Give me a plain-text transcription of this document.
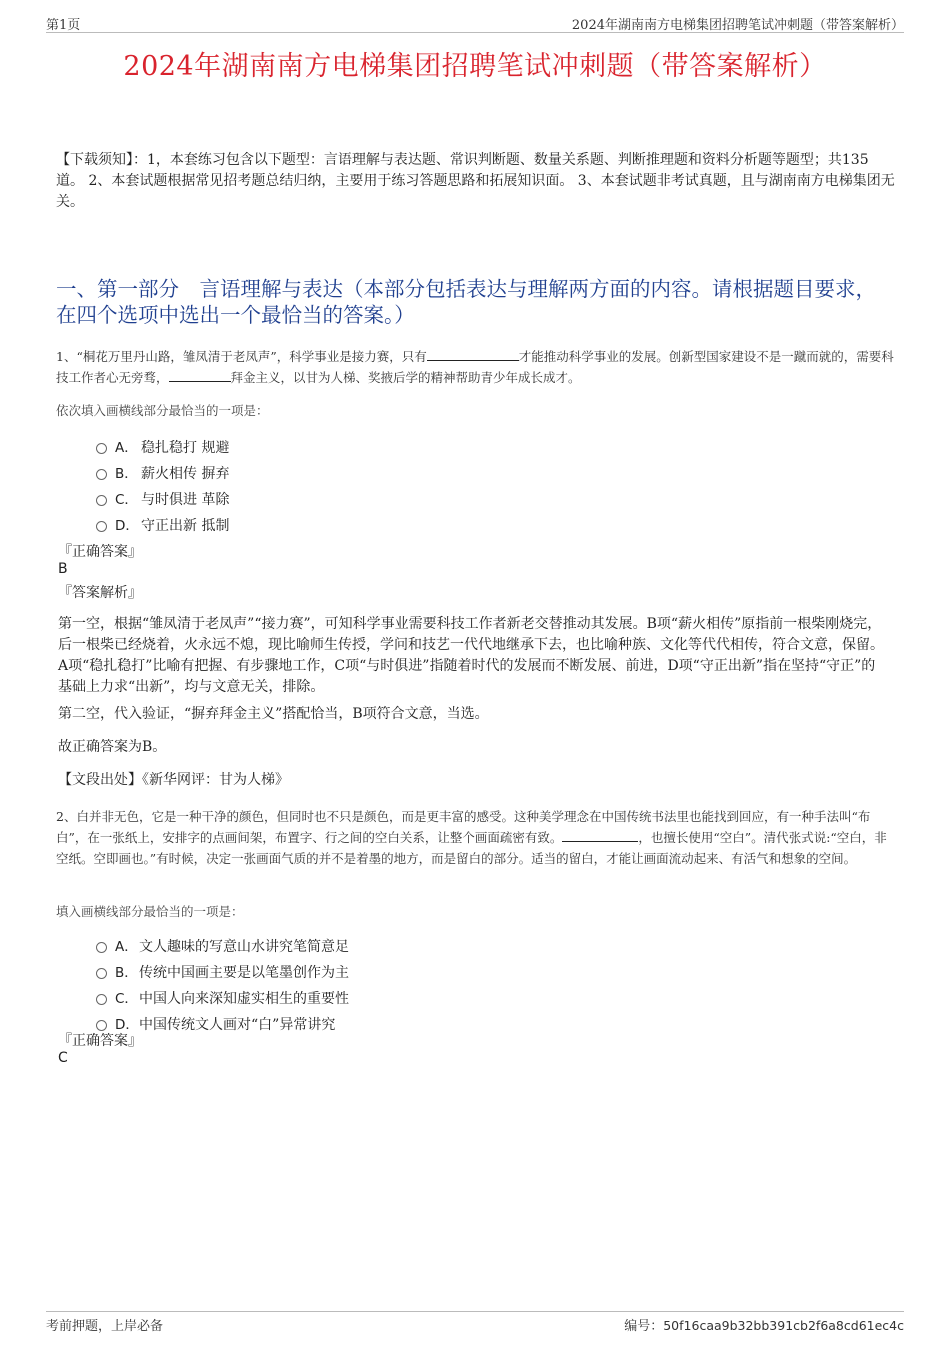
第1页	2024年湖南南方电梯集团招聘笔试冲刺题（带答案解析）
2024年湖南南方电梯集团招聘笔试冲刺题（带答案解析）
【下载须知】：1，本套练习包含以下题型：言语理解与表达题、常识判断题、数量关系题、判断推理题和资料分析题等题型；共135道。 2、本套试题根据常见招考题总结归纳，主要用于练习答题思路和拓展知识面。 3、本套试题非考试真题，且与湖南南方电梯集团无关。
一、第一部分　言语理解与表达（本部分包括表达与理解两方面的内容。请根据题目要求，在四个选项中选出一个最恰当的答案。）
1、“桐花万里丹山路，雏凤清于老凤声”，科学事业是接力赛，只有	才能推动科学事业的发展。创新型国家建设不是一蹴而就的，需要科技工作者心无旁骛，	拜金主义，以甘为人梯、奖掖后学的精神帮助青少年成长成才。
依次填入画横线部分最恰当的一项是：
A． 稳扎稳打 规避
B． 薪火相传 摒弃
C． 与时俱进 革除
D． 守正出新 抵制
『正确答案』
B
『答案解析』
第一空，根据“雏凤清于老凤声”“接力赛”，可知科学事业需要科技工作者新老交替推动其发展。B项“薪火相传”原指前一根柴刚烧完，后一根柴已经烧着，火永远不熄，现比喻师生传授，学问和技艺一代代地继承下去，也比喻种族、文化等代代相传，符合文意，保留。A项“稳扎稳打”比喻有把握、有步骤地工作，C项“与时俱进”指随着时代的发展而不断发展、前进，D项“守正出新”指在坚持“守正”的基础上力求“出新”，均与文意无关，排除。
第二空，代入验证，“摒弃拜金主义”搭配恰当，B项符合文意，当选。
故正确答案为B。
【文段出处】《新华网评：甘为人梯》
2、白并非无色，它是一种干净的颜色，但同时也不只是颜色，而是更丰富的感受。这种美学理念在中国传统书法里也能找到回应，有一种手法叫“布白”，在一张纸上，安排字的点画间架，布置字、行之间的空白关系，让整个画面疏密有致。	，也擅长使用“空白”。清代张式说:“空白，非空纸。空即画也。”有时候，决定一张画面气质的并不是着墨的地方，而是留白的部分。适当的留白，才能让画面流动起来、有活气和想象的空间。
填入画横线部分最恰当的一项是：
A．文人趣味的写意山水讲究笔简意足
B．传统中国画主要是以笔墨创作为主
C．中国人向来深知虚实相生的重要性
D．中国传统文人画对“白”异常讲究
『正确答案』
C
考前押题，上岸必备	编号：50f16caa9b32bb391cb2f6a8cd61ec4c
